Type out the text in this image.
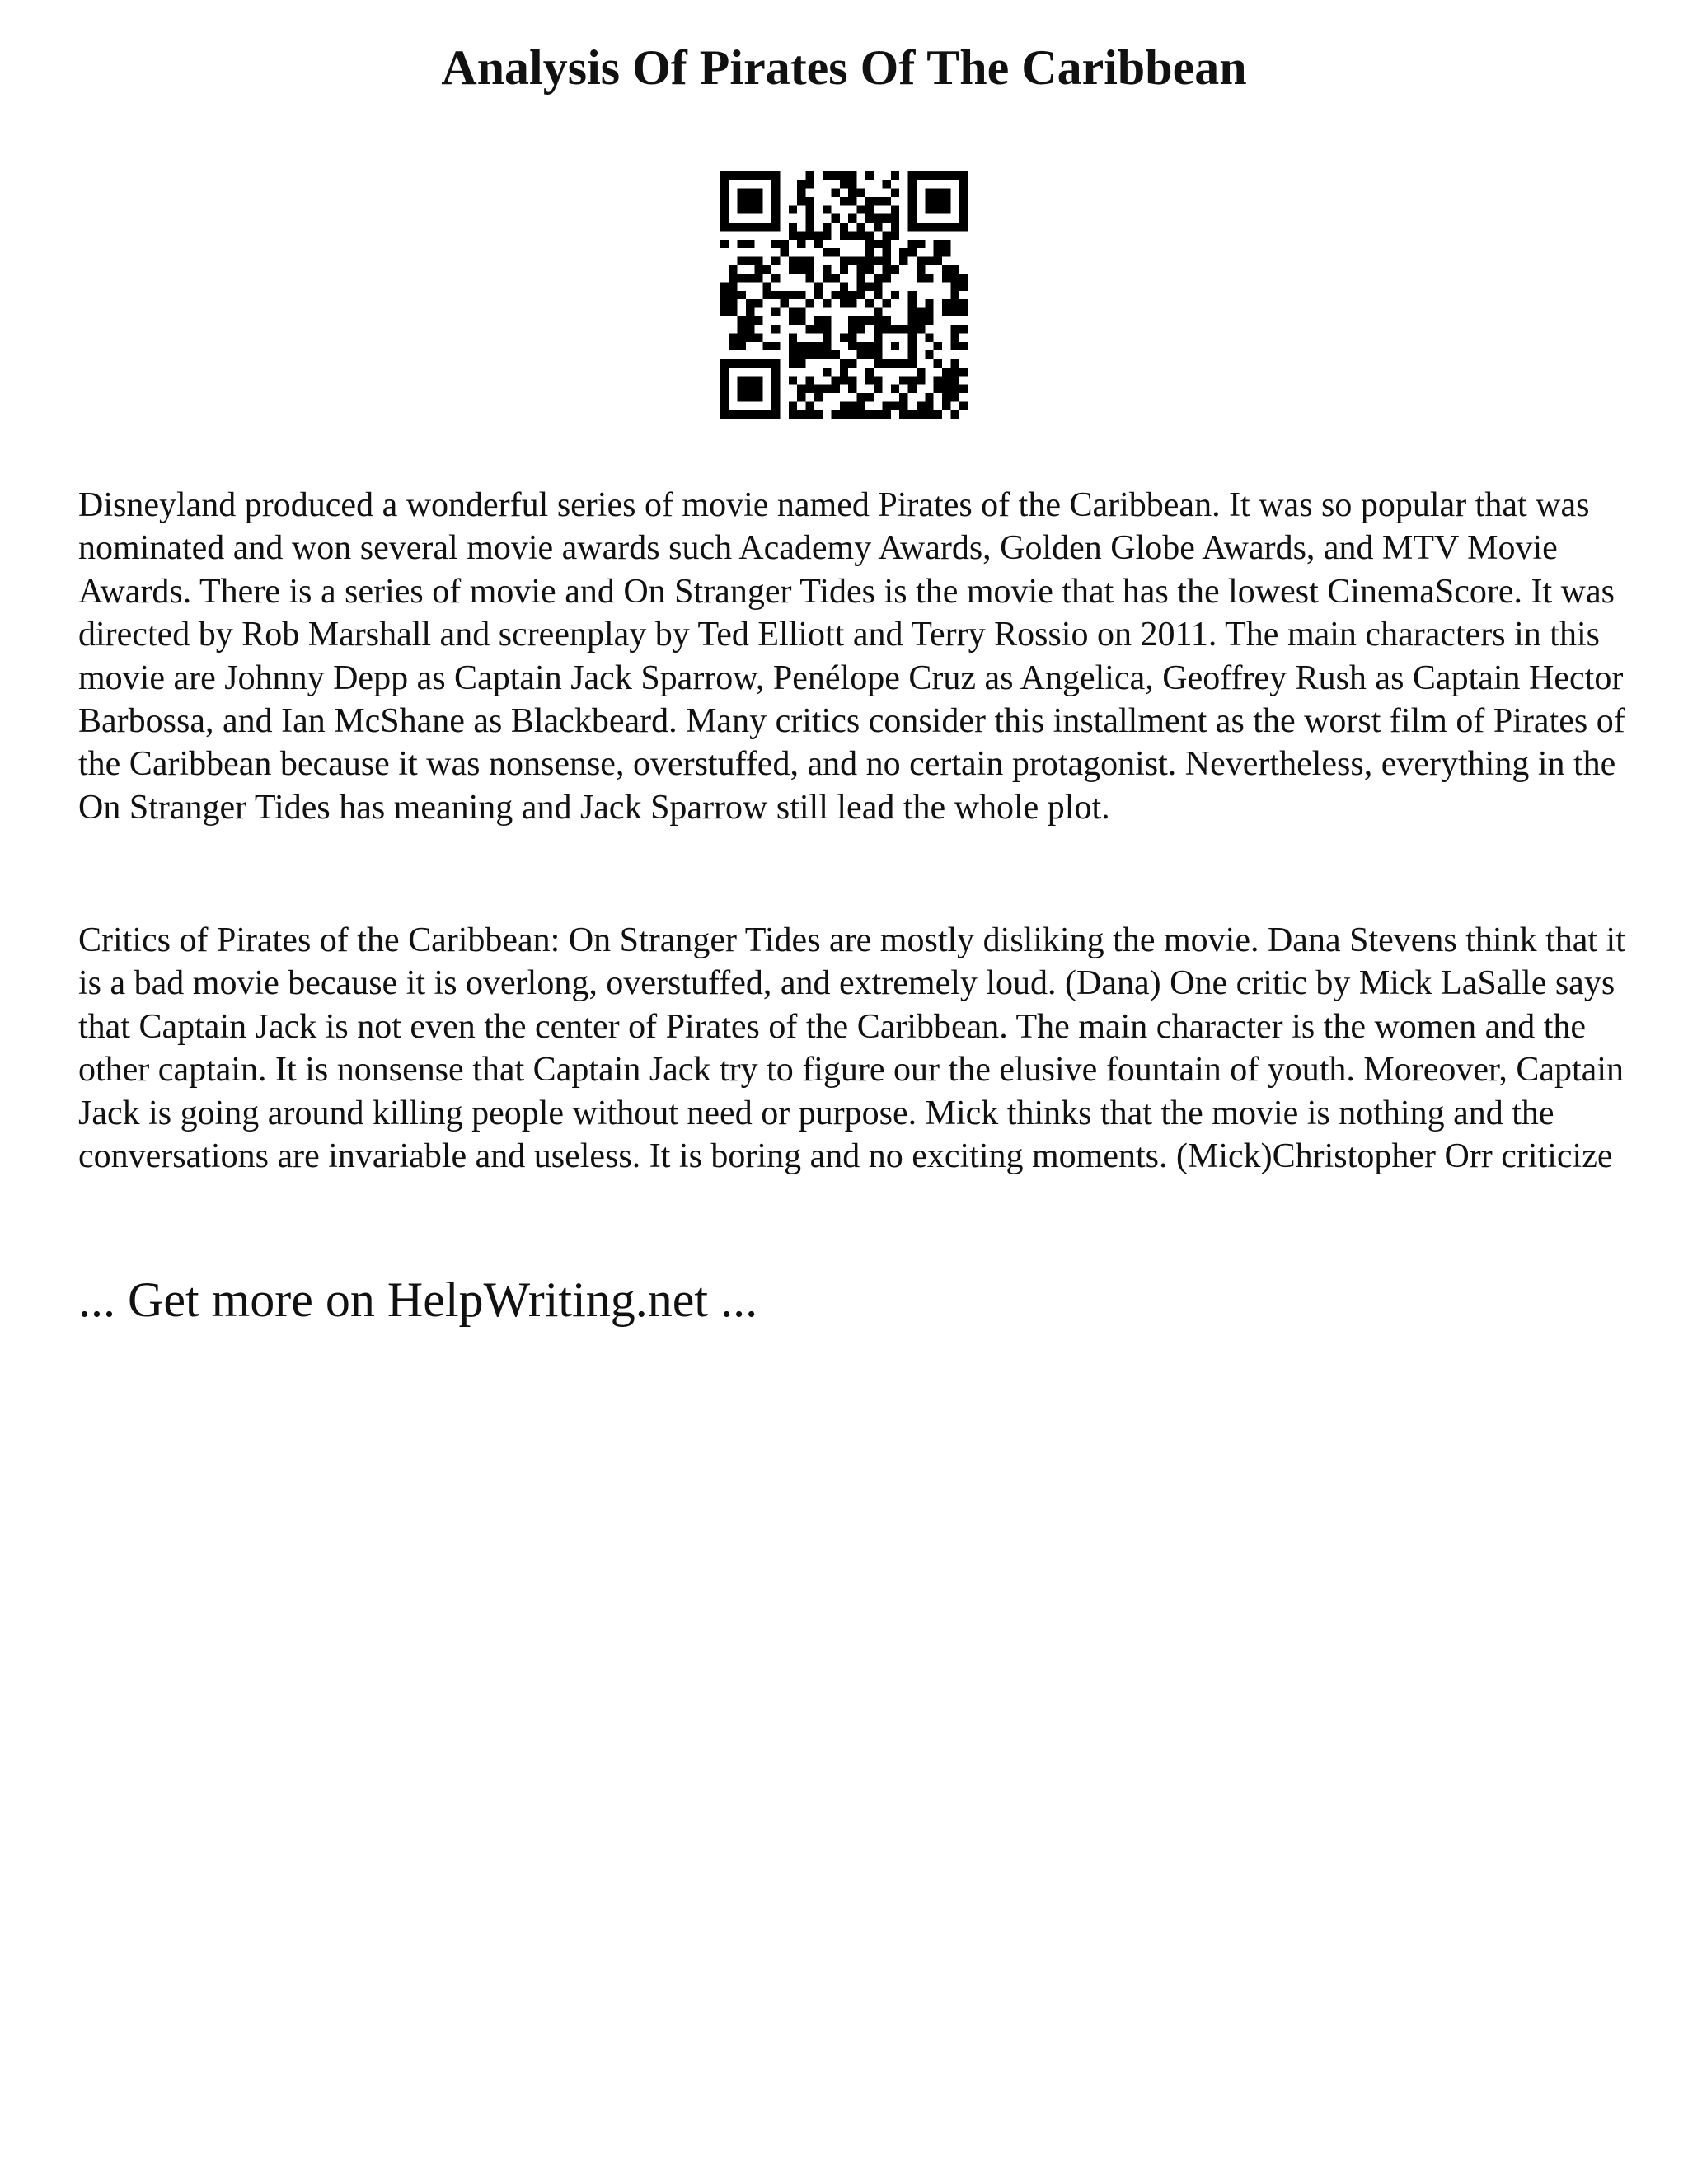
Analysis Of Pirates Of The Caribbean

Disneyland produced a wonderful series of movie named Pirates of the Caribbean. It was so popular that was nominated and won several movie awards such Academy Awards, Golden Globe Awards, and MTV Movie Awards. There is a series of movie and On Stranger Tides is the movie that has the lowest CinemaScore. It was directed by Rob Marshall and screenplay by Ted Elliott and Terry Rossio on 2011. The main characters in this movie are Johnny Depp as Captain Jack Sparrow, Penélope Cruz as Angelica, Geoffrey Rush as Captain Hector Barbossa, and Ian McShane as Blackbeard. Many critics consider this installment as the worst film of Pirates of the Caribbean because it was nonsense, overstuffed, and no certain protagonist. Nevertheless, everything in the On Stranger Tides has meaning and Jack Sparrow still lead the whole plot.

Critics of Pirates of the Caribbean: On Stranger Tides are mostly disliking the movie. Dana Stevens think that it is a bad movie because it is overlong, overstuffed, and extremely loud. (Dana) One critic by Mick LaSalle says that Captain Jack is not even the center of Pirates of the Caribbean. The main character is the women and the other captain. It is nonsense that Captain Jack try to figure our the elusive fountain of youth. Moreover, Captain Jack is going around killing people without need or purpose. Mick thinks that the movie is nothing and the conversations are invariable and useless. It is boring and no exciting moments. (Mick)Christopher Orr criticize

... Get more on HelpWriting.net ...
